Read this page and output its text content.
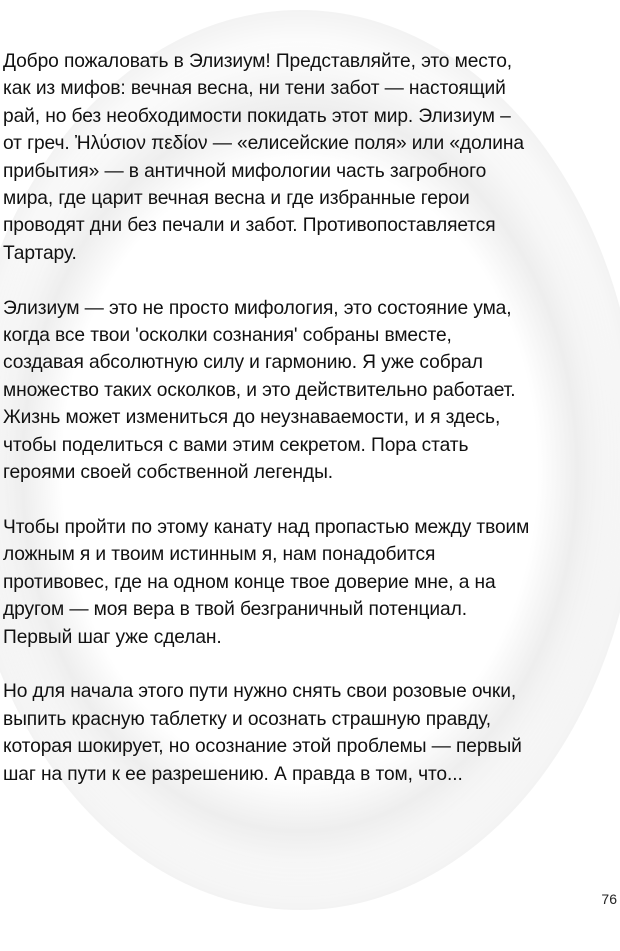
Добро пожаловать в Элизиум! Представляйте, это место,
как из мифов: вечная весна, ни тени забот — настоящий
рай, но без необходимости покидать этот мир. Элизиум –
от греч. Ἠλύσιον πεδίον — «елисейские поля» или «долина
прибытия» — в античной мифологии часть загробного
мира, где царит вечная весна и где избранные герои
проводят дни без печали и забот. Противопоставляется
Тартару.

Элизиум — это не просто мифология, это состояние ума,
когда все твои 'осколки сознания' собраны вместе,
создавая абсолютную силу и гармонию. Я уже собрал
множество таких осколков, и это действительно работает.
Жизнь может измениться до неузнаваемости, и я здесь,
чтобы поделиться с вами этим секретом. Пора стать
героями своей собственной легенды.

Чтобы пройти по этому канату над пропастью между твоим
ложным я и твоим истинным я, нам понадобится
противовес, где на одном конце твое доверие мне, а на
другом — моя вера в твой безграничный потенциал.
Первый шаг уже сделан.

Но для начала этого пути нужно снять свои розовые очки,
выпить красную таблетку и осознать страшную правду,
которая шокирует, но осознание этой проблемы — первый
шаг на пути к ее разрешению. А правда в том, что...

76
